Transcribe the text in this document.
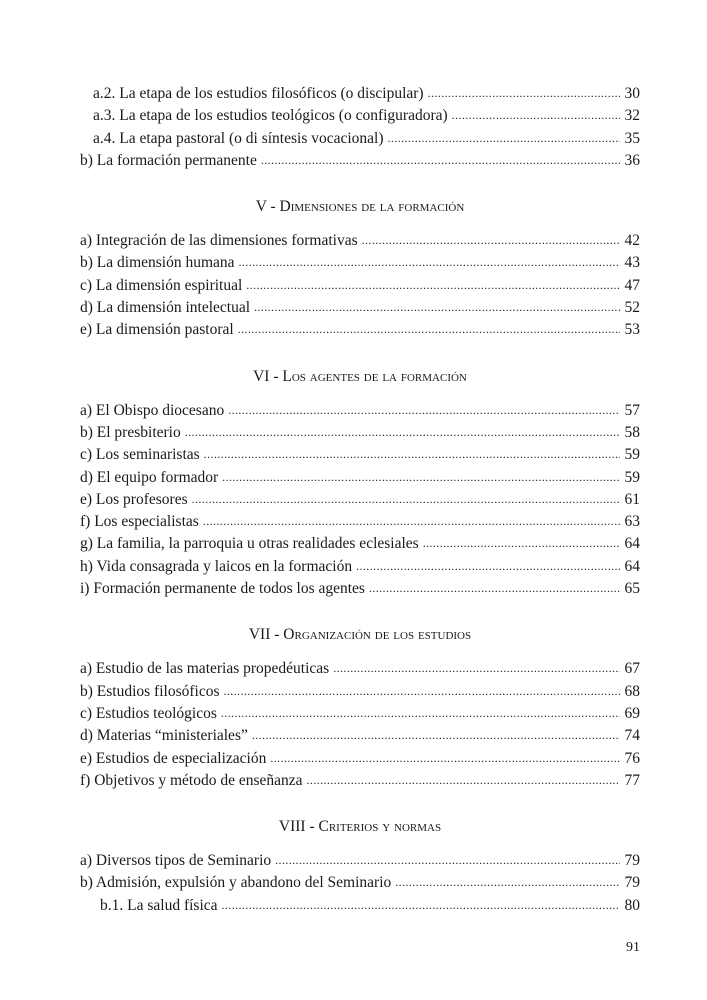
a.2. La etapa de los estudios filosóficos (o discipular) . . .	30
a.3. La etapa de los estudios teológicos (o configuradora) . . .	32
a.4. La etapa pastoral (o di síntesis vocacional) . . .	35
b) La formación permanente . . .	36
V - Dimensiones de la formación
a) Integración de las dimensiones formativas . . .	42
b) La dimensión humana . . .	43
c) La dimensión espiritual . . .	47
d) La dimensión intelectual . . .	52
e) La dimensión pastoral . . .	53
VI - Los agentes de la formación
a) El Obispo diocesano . . .	57
b) El presbiterio . . .	58
c) Los seminaristas . . .	59
d) El equipo formador . . .	59
e) Los profesores . . .	61
f) Los especialistas . . .	63
g) La familia, la parroquia u otras realidades eclesiales . . .	64
h) Vida consagrada y laicos en la formación . . .	64
i) Formación permanente de todos los agentes . . .	65
VII - Organización de los estudios
a) Estudio de las materias propedéuticas . . .	67
b) Estudios filosóficos . . .	68
c) Estudios teológicos . . .	69
d) Materias “ministeriales” . . .	74
e) Estudios de especialización . . .	76
f) Objetivos y método de enseñanza . . .	77
VIII - Criterios y normas
a) Diversos tipos de Seminario . . .	79
b) Admisión, expulsión y abandono del Seminario . . .	79
b.1. La salud física . . .	80
91
